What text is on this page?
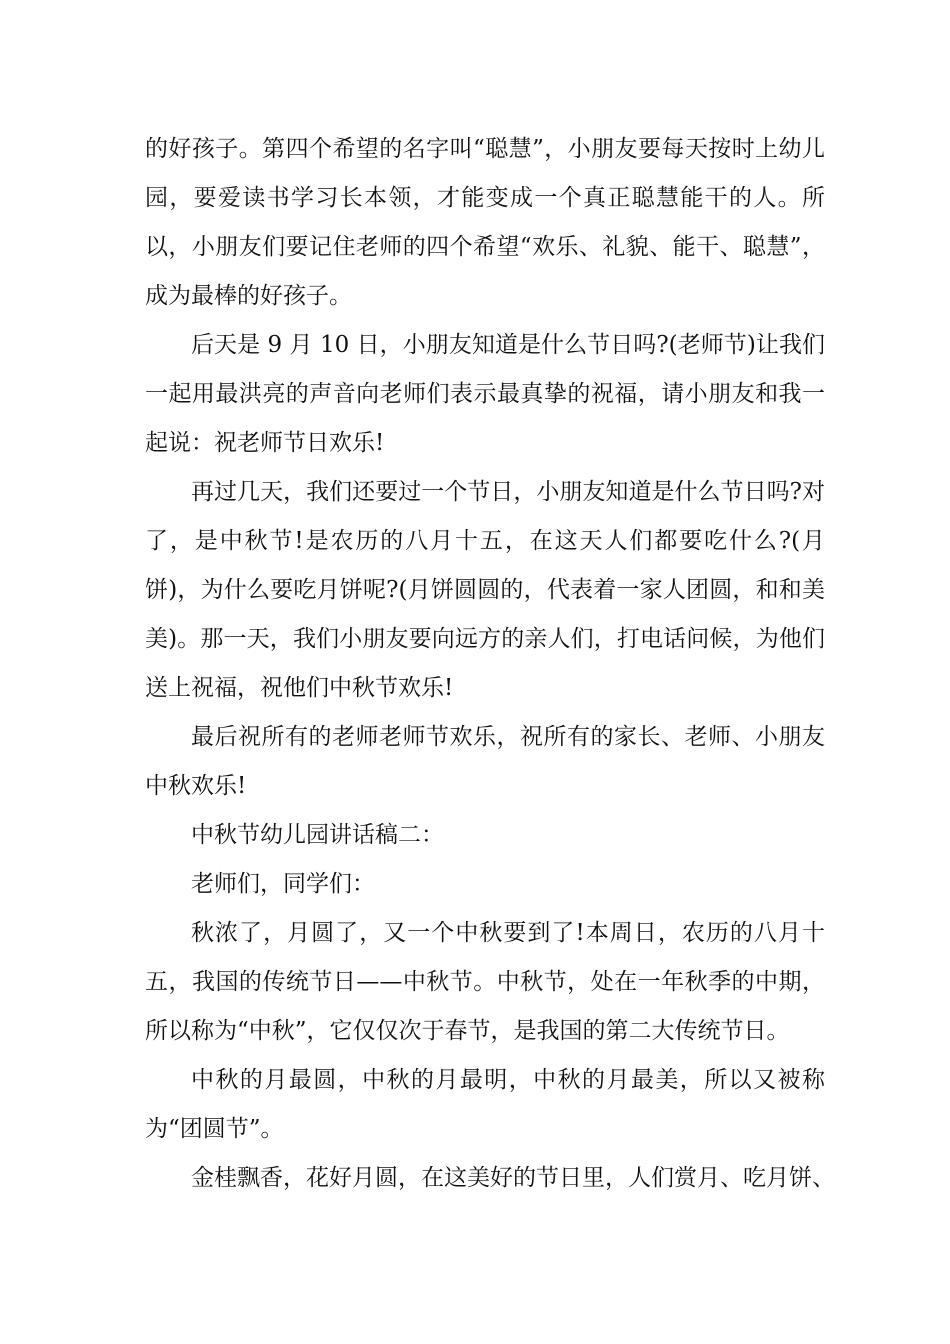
的好孩子。第四个希望的名字叫“聪慧”，小朋友要每天按时上幼儿园，要爱读书学习长本领，才能变成一个真正聪慧能干的人。所以，小朋友们要记住老师的四个希望“欢乐、礼貌、能干、聪慧”，成为最棒的好孩子。

后天是 9 月 10 日，小朋友知道是什么节日吗?(老师节)让我们一起用最洪亮的声音向老师们表示最真挚的祝福，请小朋友和我一起说：祝老师节日欢乐!

再过几天，我们还要过一个节日，小朋友知道是什么节日吗?对了，是中秋节!是农历的八月十五，在这天人们都要吃什么?(月饼)，为什么要吃月饼呢?(月饼圆圆的，代表着一家人团圆，和和美美)。那一天，我们小朋友要向远方的亲人们，打电话问候，为他们送上祝福，祝他们中秋节欢乐!

最后祝所有的老师老师节欢乐，祝所有的家长、老师、小朋友中秋欢乐!

中秋节幼儿园讲话稿二：

老师们，同学们：

秋浓了，月圆了，又一个中秋要到了!本周日，农历的八月十五，我国的传统节日——中秋节。中秋节，处在一年秋季的中期，所以称为“中秋”，它仅仅次于春节，是我国的第二大传统节日。

中秋的月最圆，中秋的月最明，中秋的月最美，所以又被称为“团圆节”。

金桂飘香，花好月圆，在这美好的节日里，人们赏月、吃月饼、
